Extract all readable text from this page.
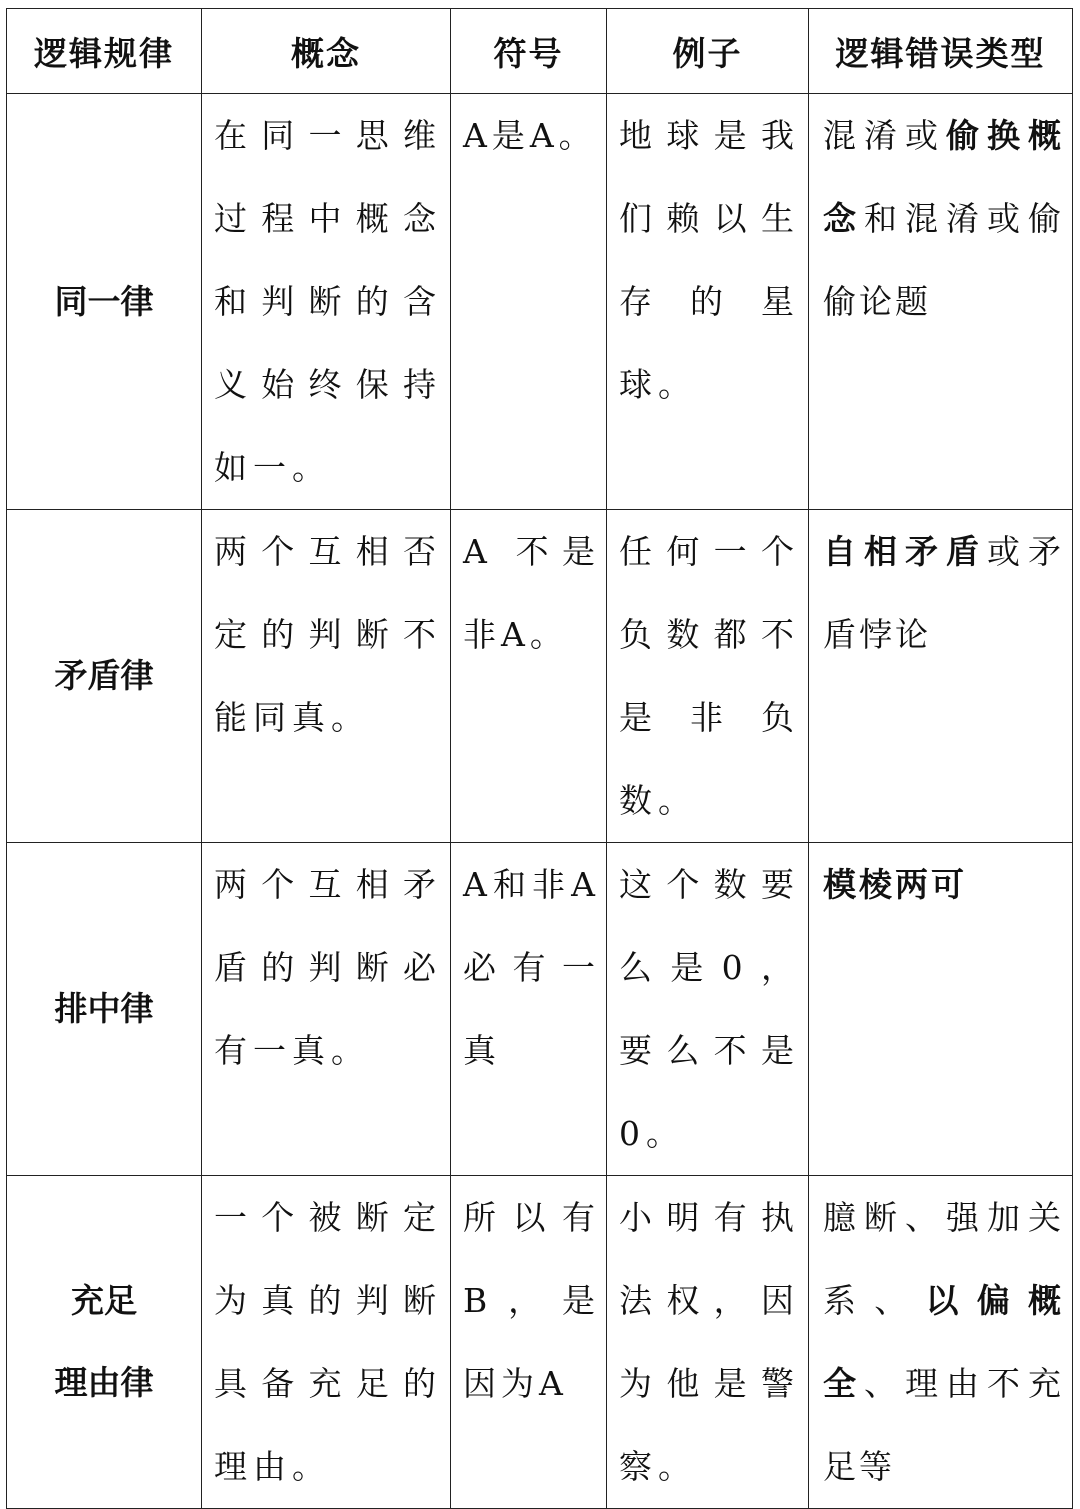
逻辑规律	概念	符号	例子	逻辑错误类型

同一律	在同一思维过程中概念和判断的含义始终保持如一。	A是A。	地球是我们赖以生存的星球。	混淆或偷换概念和混淆或偷偷论题

矛盾律	两个互相否定的判断不能同真。	A 不是非A。	任何一个负数都不是非负数。	自相矛盾或矛盾悖论

排中律	两个互相矛盾的判断必有一真。	A和非A必有一真	这个数要么是0，要么不是0。	模棱两可

充足
理由律	一个被断定为真的判断具备充足的理由。	所以有B，是因为A	小明有执法权，因为他是警察。	臆断、强加关系、以偏概全、理由不充足等
